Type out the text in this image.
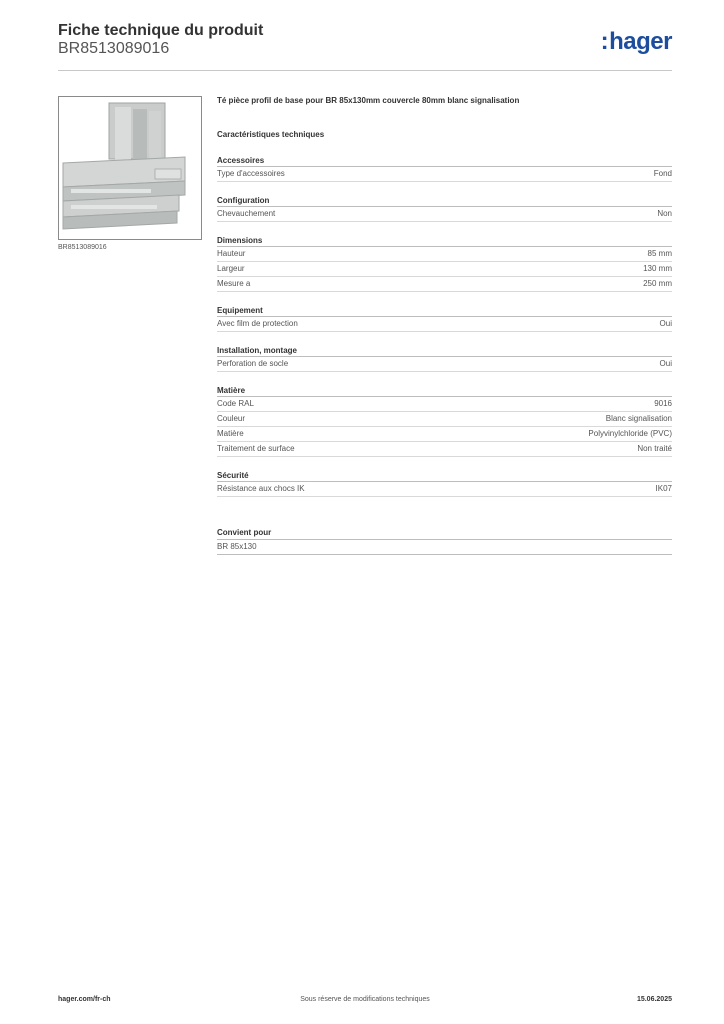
Fiche technique du produit
BR8513089016	:hager
BR8513089016
Té pièce profil de base pour BR 85x130mm couvercle 80mm blanc signalisation
Caractéristiques techniques
Accessoires
Type d'accessoires	Fond
Configuration
Chevauchement	Non
Dimensions
Hauteur	85 mm
Largeur	130 mm
Mesure a	250 mm
Equipement
Avec film de protection	Oui
Installation, montage
Perforation de socle	Oui
Matière
Code RAL	9016
Couleur	Blanc signalisation
Matière	Polyvinylchloride (PVC)
Traitement de surface	Non traité
Sécurité
Résistance aux chocs IK	IK07
Convient pour
BR 85x130
hager.com/fr-ch	Sous réserve de modifications techniques	15.06.2025
